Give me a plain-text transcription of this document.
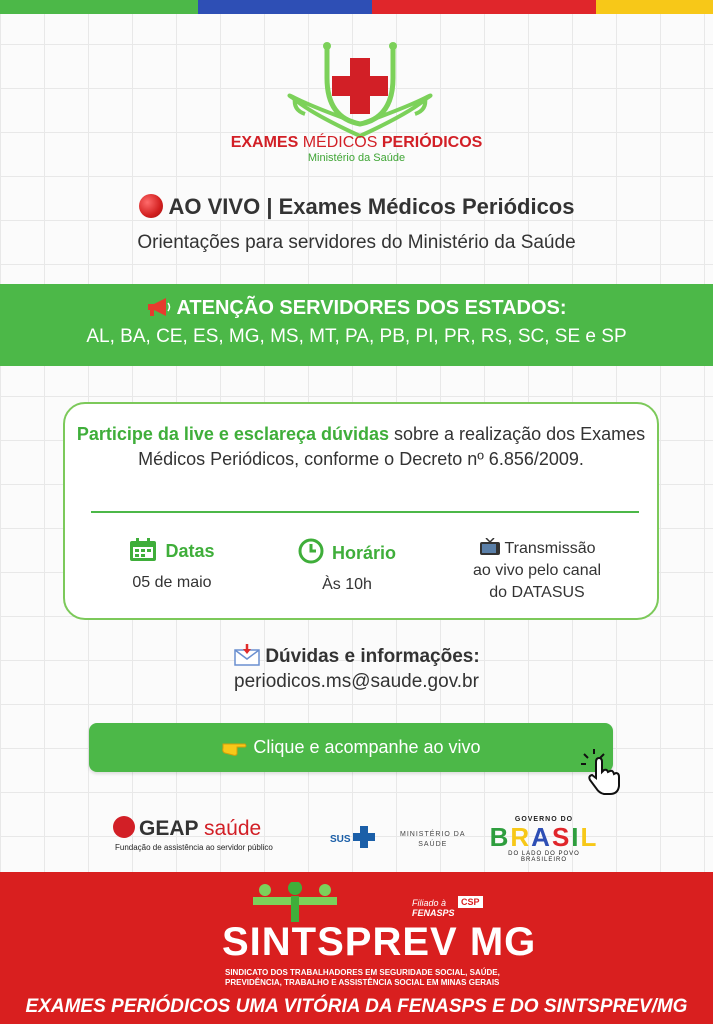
EXAMES MÉDICOS PERIÓDICOS
Ministério da Saúde
AO VIVO | Exames Médicos Periódicos
Orientações para servidores do Ministério da Saúde
ATENÇÃO SERVIDORES DOS ESTADOS:
AL, BA, CE, ES, MG, MS, MT, PA, PB, PI, PR, RS, SC, SE e SP
Participe da live e esclareça dúvidas sobre a realização dos Exames Médicos Periódicos, conforme o Decreto nº 6.856/2009.
Datas
05 de maio
Horário
Às 10h
Transmissão
ao vivo pelo canal
do DATASUS
Dúvidas e informações:
periodicos.ms@saude.gov.br
Clique e acompanhe ao vivo
GEAP saúde
Fundação de assistência ao servidor público
SUS	MINISTÉRIO DA
SAÚDE
GOVERNO DO
BRASIL
DO LADO DO POVO BRASILEIRO
Filiado à
FENASPS
CSP
SINTSPREV MG
SINDICATO DOS TRABALHADORES EM SEGURIDADE SOCIAL, SAÚDE,
PREVIDÊNCIA, TRABALHO E ASSISTÊNCIA SOCIAL EM MINAS GERAIS
EXAMES PERIÓDICOS UMA VITÓRIA DA FENASPS E DO SINTSPREV/MG
